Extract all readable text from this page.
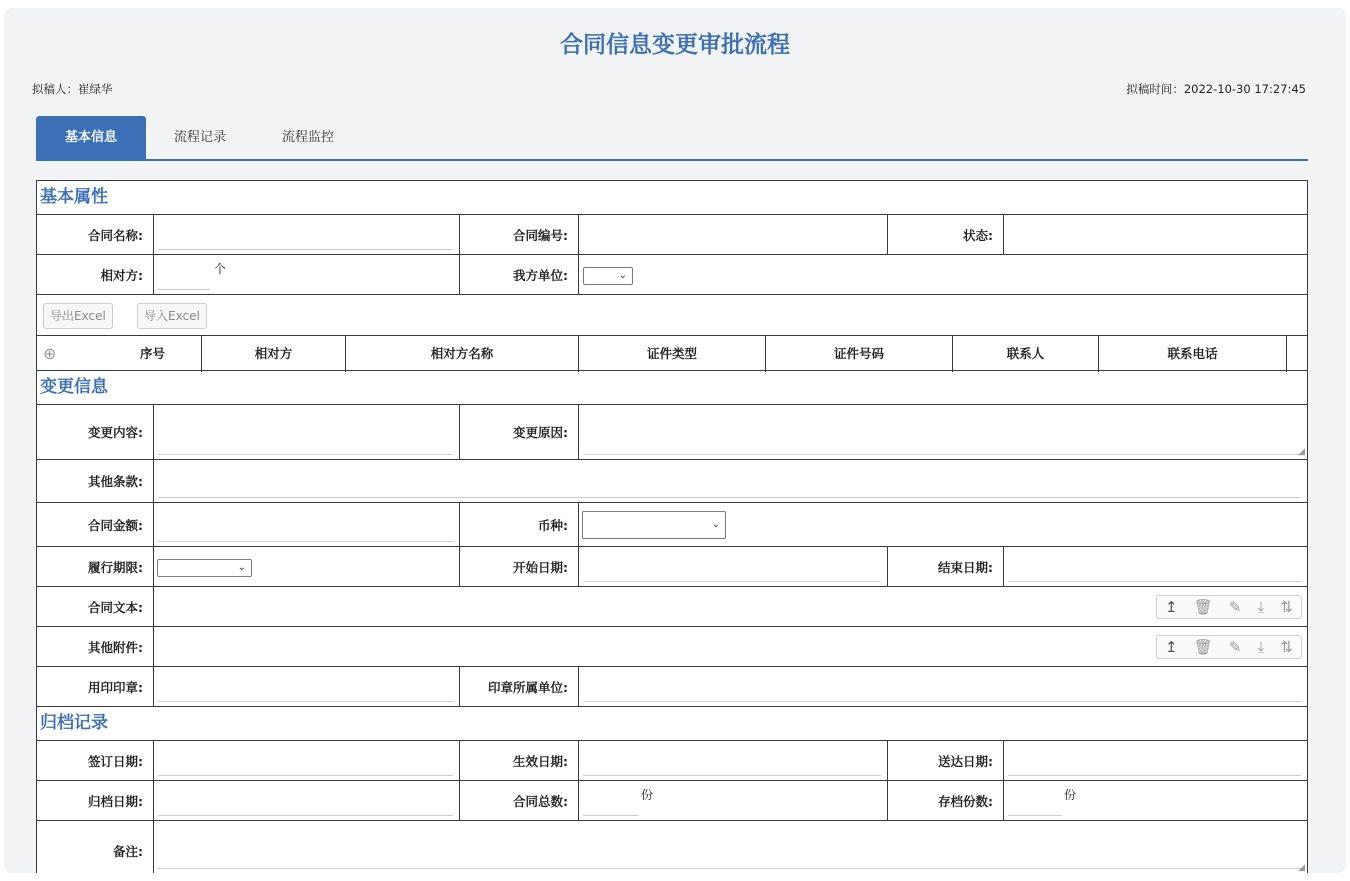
合同信息变更审批流程
拟稿人：崔绿华	拟稿时间：2022-10-30 17:27:45
基本信息	流程记录	流程监控
基本属性
合同名称:	合同编号:	状态:
相对方:	个	我方单位:	⌄
导出Excel	导入Excel
⊕	序号	相对方	相对方名称	证件类型	证件号码	联系人	联系电话
变更信息
变更内容:	变更原因:
◢
其他条款:
合同金额:	币种:	⌄
履行期限:	⌄	开始日期:	结束日期:
合同文本:	↥ 🗑 ✎ ⤓ ⇅
其他附件:	↥ 🗑 ✎ ⤓ ⇅
用印印章:	印章所属单位:
归档记录
签订日期:	生效日期:	送达日期:
归档日期:	合同总数:	份	存档份数:	份
备注:
◢
